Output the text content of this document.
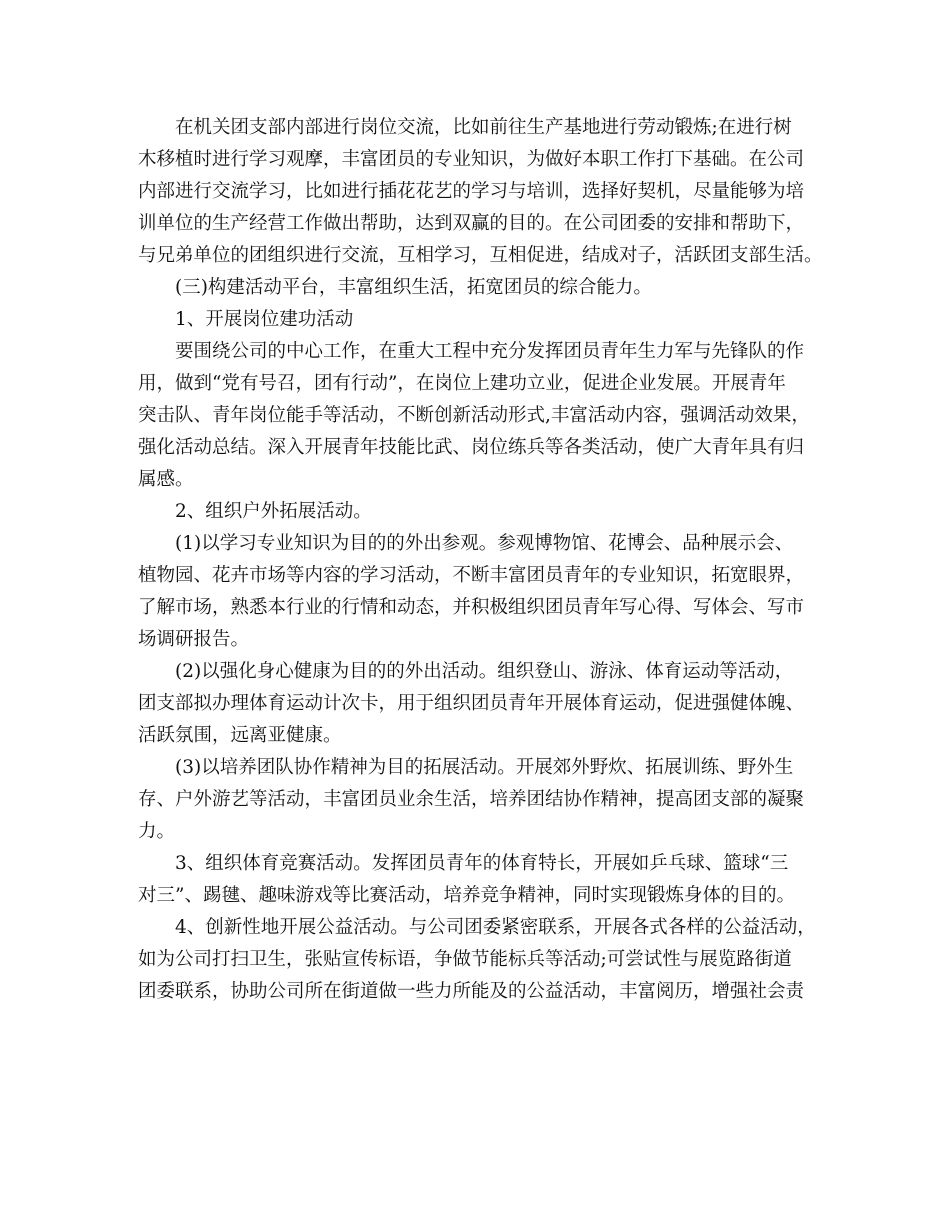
在机关团支部内部进行岗位交流，比如前往生产基地进行劳动锻炼;在进行树
木移植时进行学习观摩，丰富团员的专业知识，为做好本职工作打下基础。在公司
内部进行交流学习，比如进行插花花艺的学习与培训，选择好契机，尽量能够为培
训单位的生产经营工作做出帮助，达到双赢的目的。在公司团委的安排和帮助下，
与兄弟单位的团组织进行交流，互相学习，互相促进，结成对子，活跃团支部生活。
(三)构建活动平台，丰富组织生活，拓宽团员的综合能力。
1、开展岗位建功活动
要围绕公司的中心工作，在重大工程中充分发挥团员青年生力军与先锋队的作
用，做到“党有号召，团有行动”，在岗位上建功立业，促进企业发展。开展青年
突击队、青年岗位能手等活动，不断创新活动形式,丰富活动内容，强调活动效果，
强化活动总结。深入开展青年技能比武、岗位练兵等各类活动，使广大青年具有归
属感。
2、组织户外拓展活动。
(1)以学习专业知识为目的的外出参观。参观博物馆、花博会、品种展示会、
植物园、花卉市场等内容的学习活动，不断丰富团员青年的专业知识，拓宽眼界，
了解市场，熟悉本行业的行情和动态，并积极组织团员青年写心得、写体会、写市
场调研报告。
(2)以强化身心健康为目的的外出活动。组织登山、游泳、体育运动等活动，
团支部拟办理体育运动计次卡，用于组织团员青年开展体育运动，促进强健体魄、
活跃氛围，远离亚健康。
(3)以培养团队协作精神为目的拓展活动。开展郊外野炊、拓展训练、野外生
存、户外游艺等活动，丰富团员业余生活，培养团结协作精神，提高团支部的凝聚
力。
3、组织体育竞赛活动。发挥团员青年的体育特长，开展如乒乓球、篮球“三
对三”、踢毽、趣味游戏等比赛活动，培养竞争精神，同时实现锻炼身体的目的。
4、创新性地开展公益活动。与公司团委紧密联系，开展各式各样的公益活动，
如为公司打扫卫生，张贴宣传标语，争做节能标兵等活动;可尝试性与展览路街道
团委联系，协助公司所在街道做一些力所能及的公益活动，丰富阅历，增强社会责
